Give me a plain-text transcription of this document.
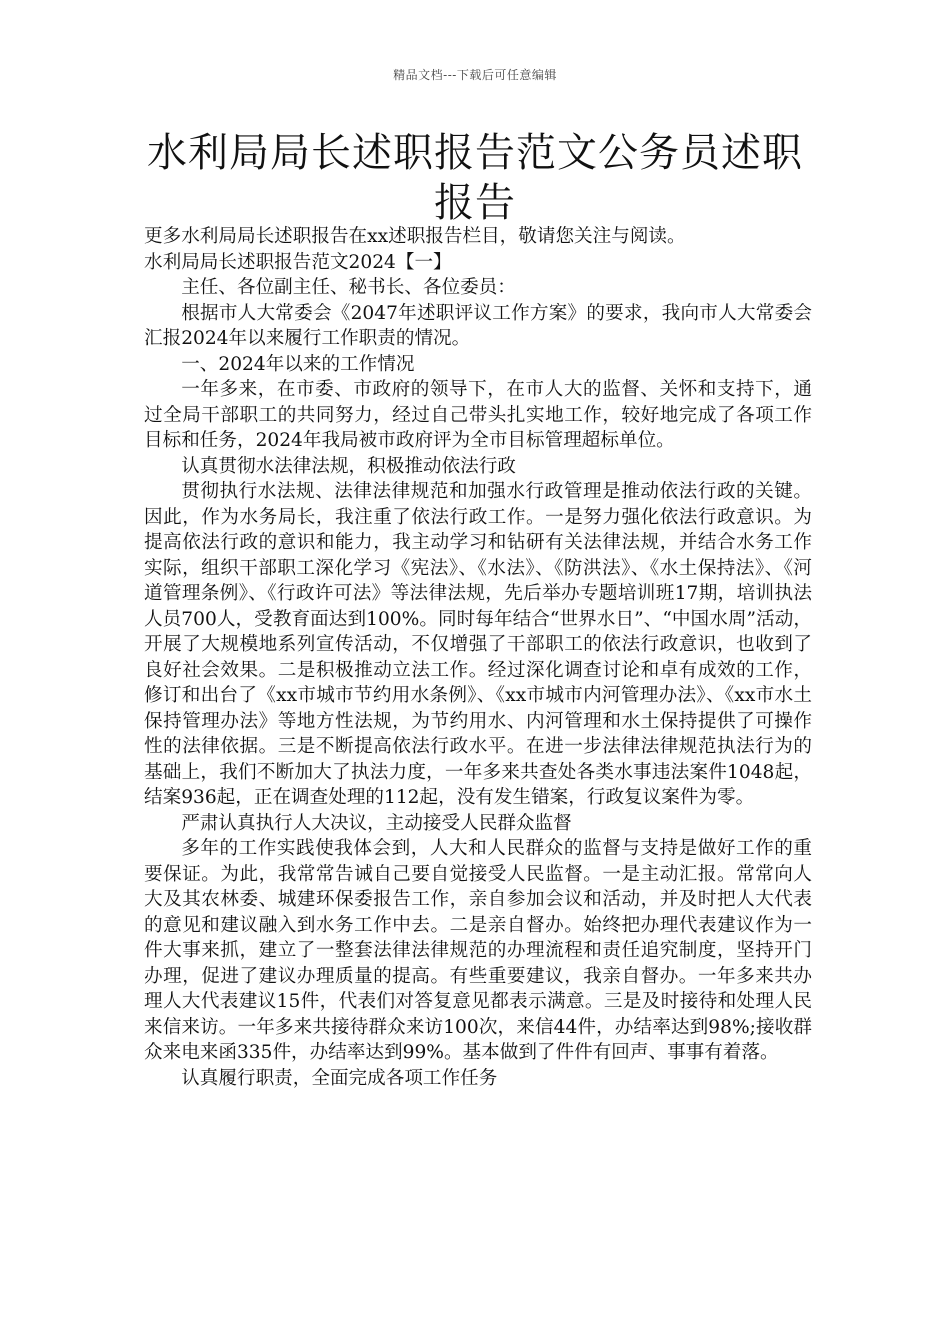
精品文档---下载后可任意编辑
水利局局长述职报告范文公务员述职报告

更多水利局局长述职报告在xx述职报告栏目，敬请您关注与阅读。

水利局局长述职报告范文2024【一】

主任、各位副主任、秘书长、各位委员：

根据市人大常委会《2047年述职评议工作方案》的要求，我向市人大常委会汇报2024年以来履行工作职责的情况。

一、2024年以来的工作情况

一年多来，在市委、市政府的领导下，在市人大的监督、关怀和支持下，通过全局干部职工的共同努力，经过自己带头扎实地工作，较好地完成了各项工作目标和任务，2024年我局被市政府评为全市目标管理超标单位。

认真贯彻水法律法规，积极推动依法行政

贯彻执行水法规、法律法律规范和加强水行政管理是推动依法行政的关键。因此，作为水务局长，我注重了依法行政工作。一是努力强化依法行政意识。为提高依法行政的意识和能力，我主动学习和钻研有关法律法规，并结合水务工作实际，组织干部职工深化学习《宪法》、《水法》、《防洪法》、《水土保持法》、《河道管理条例》、《行政许可法》等法律法规，先后举办专题培训班17期，培训执法人员700人，受教育面达到100%。同时每年结合“世界水日”、“中国水周”活动，开展了大规模地系列宣传活动，不仅增强了干部职工的依法行政意识，也收到了良好社会效果。二是积极推动立法工作。经过深化调查讨论和卓有成效的工作，修订和出台了《xx市城市节约用水条例》、《xx市城市内河管理办法》、《xx市水土保持管理办法》等地方性法规，为节约用水、内河管理和水土保持提供了可操作性的法律依据。三是不断提高依法行政水平。在进一步法律法律规范执法行为的基础上，我们不断加大了执法力度，一年多来共查处各类水事违法案件1048起，结案936起，正在调查处理的112起，没有发生错案，行政复议案件为零。

严肃认真执行人大决议，主动接受人民群众监督

多年的工作实践使我体会到，人大和人民群众的监督与支持是做好工作的重要保证。为此，我常常告诫自己要自觉接受人民监督。一是主动汇报。常常向人大及其农林委、城建环保委报告工作，亲自参加会议和活动，并及时把人大代表的意见和建议融入到水务工作中去。二是亲自督办。始终把办理代表建议作为一件大事来抓，建立了一整套法律法律规范的办理流程和责任追究制度，坚持开门办理，促进了建议办理质量的提高。有些重要建议，我亲自督办。一年多来共办理人大代表建议15件，代表们对答复意见都表示满意。三是及时接待和处理人民来信来访。一年多来共接待群众来访100次，来信44件，办结率达到98%;接收群众来电来函335件，办结率达到99%。基本做到了件件有回声、事事有着落。

认真履行职责，全面完成各项工作任务
